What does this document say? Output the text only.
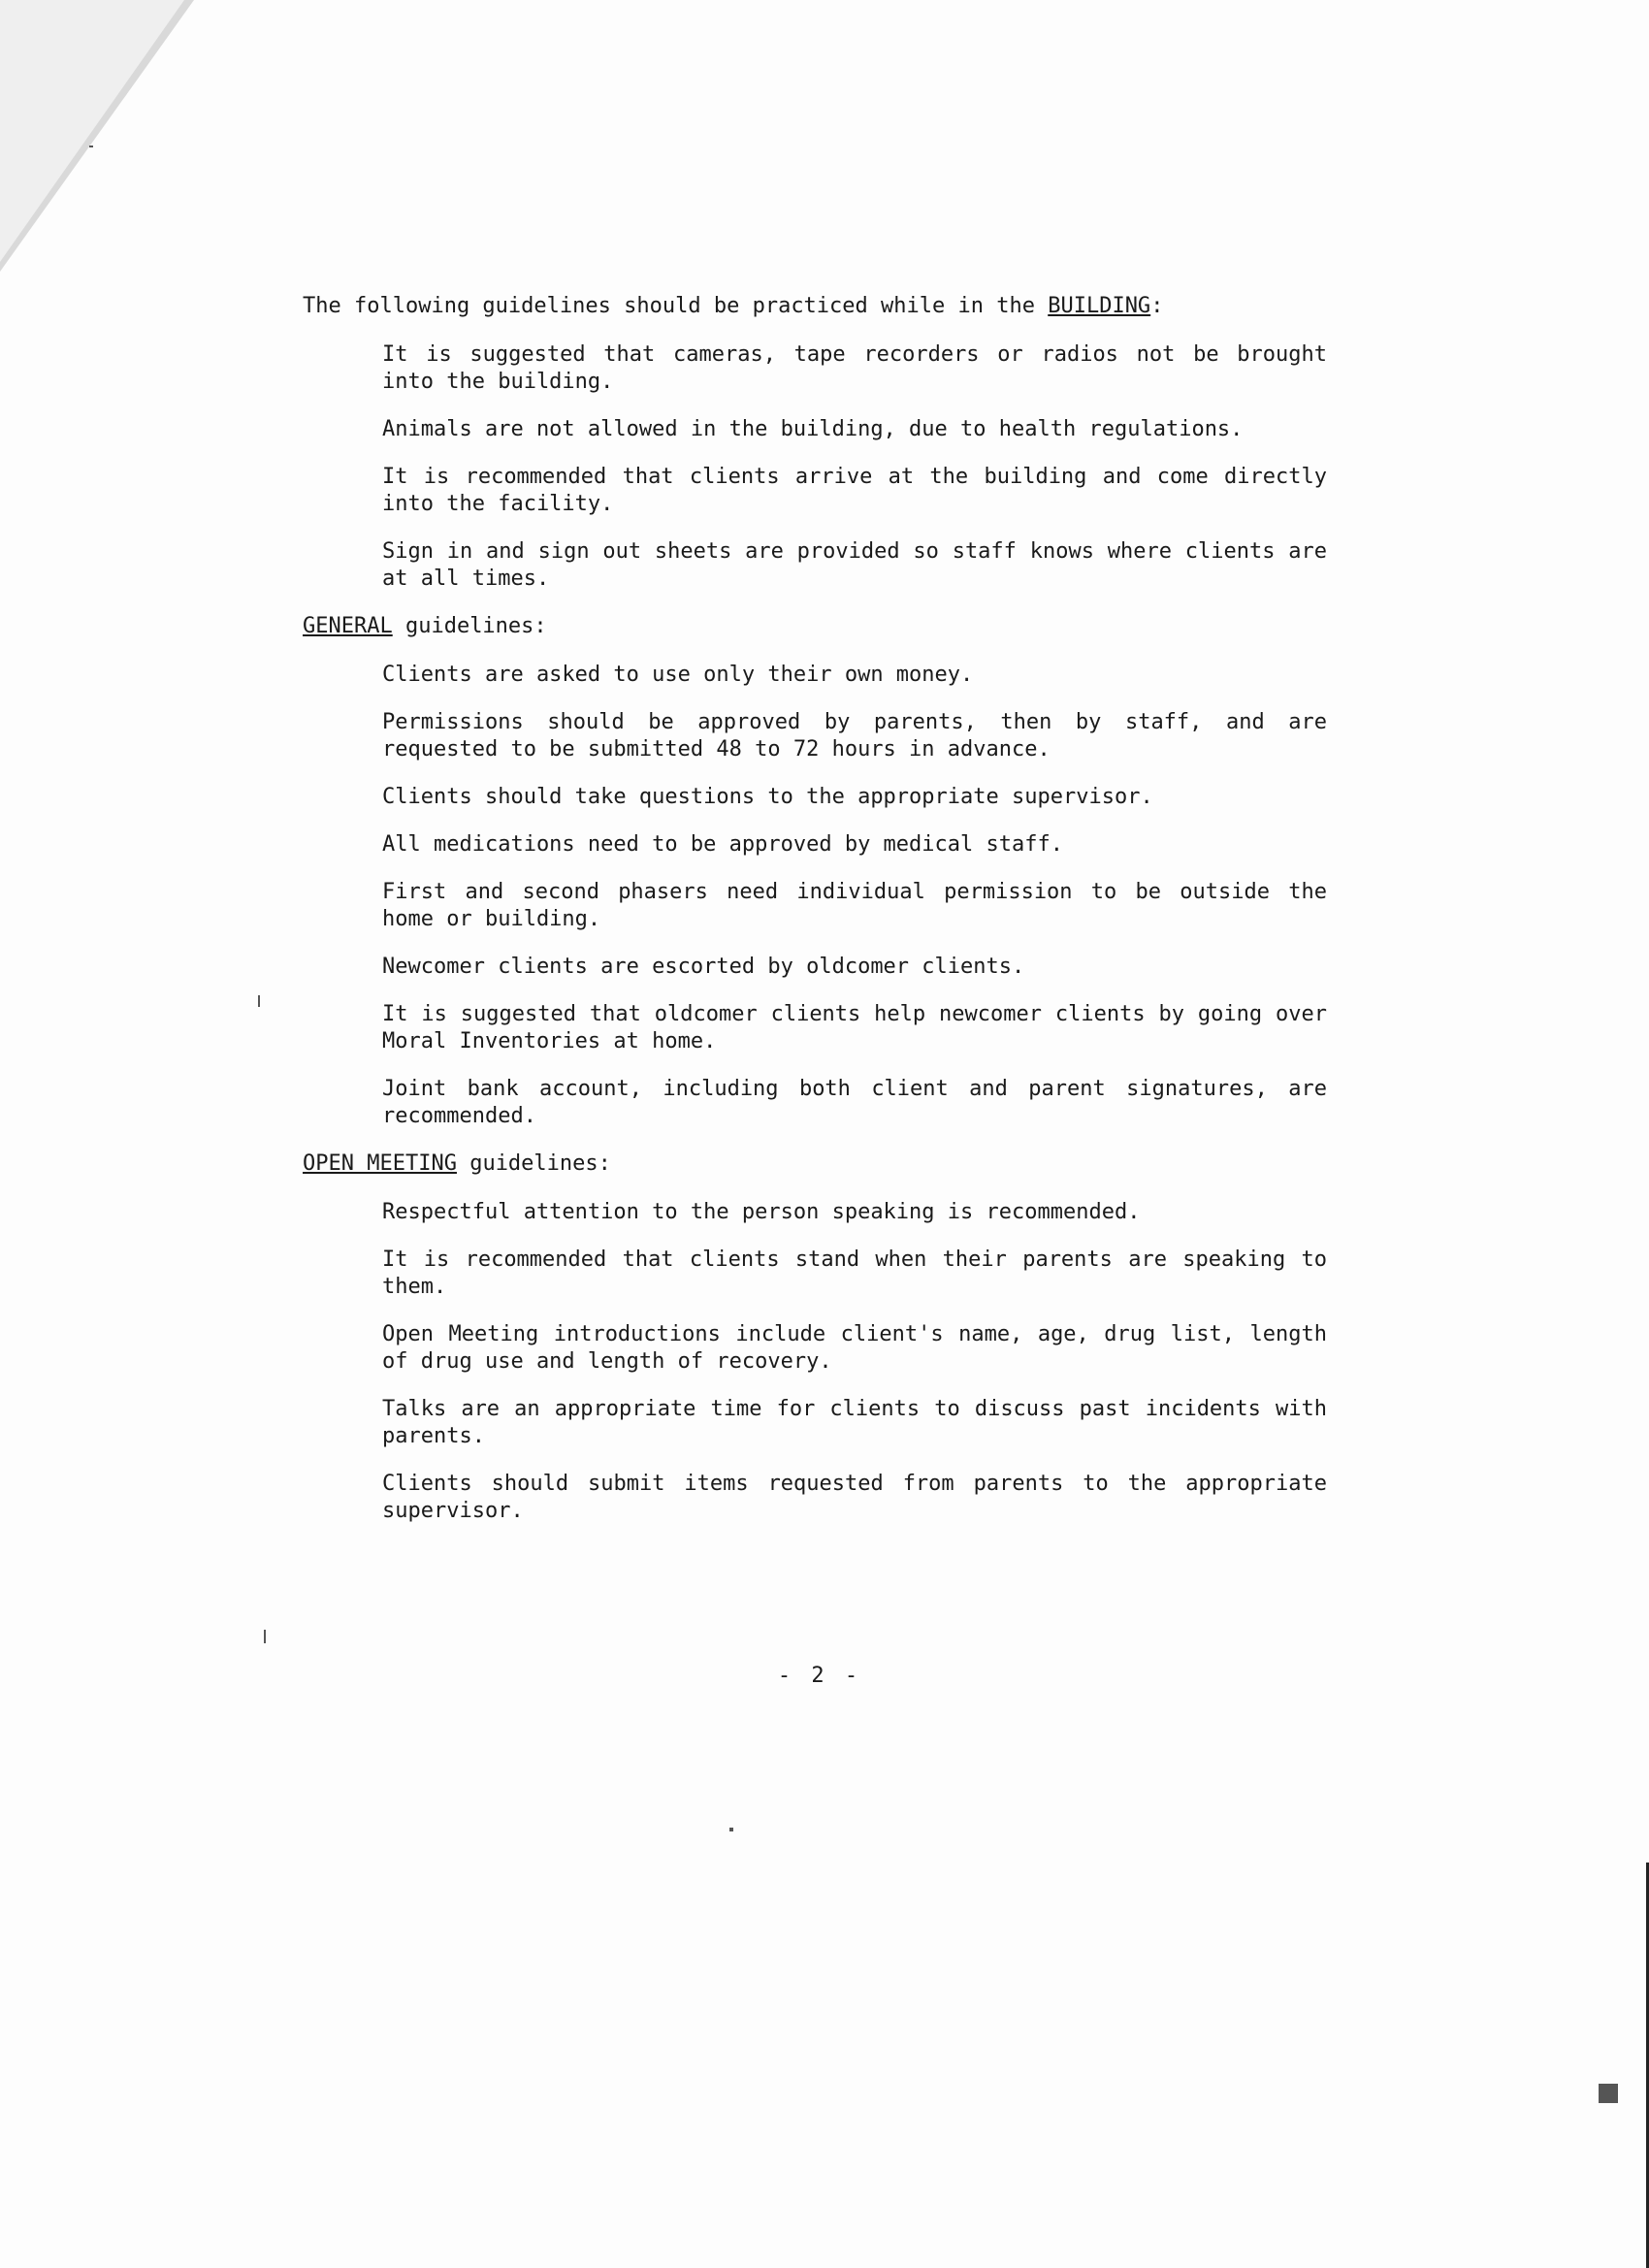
The following guidelines should be practiced while in the BUILDING:

It is suggested that cameras, tape recorders or radios not be brought into the building.

Animals are not allowed in the building, due to health regulations.

It is recommended that clients arrive at the building and come directly into the facility.

Sign in and sign out sheets are provided so staff knows where clients are at all times.

GENERAL guidelines:

Clients are asked to use only their own money.

Permissions should be approved by parents, then by staff, and are requested to be submitted 48 to 72 hours in advance.

Clients should take questions to the appropriate supervisor.

All medications need to be approved by medical staff.

First and second phasers need individual permission to be outside the home or building.

Newcomer clients are escorted by oldcomer clients.

It is suggested that oldcomer clients help newcomer clients by going over Moral Inventories at home.

Joint bank account, including both client and parent signatures, are recommended.

OPEN MEETING guidelines:

Respectful attention to the person speaking is recommended.

It is recommended that clients stand when their parents are speaking to them.

Open Meeting introductions include client's name, age, drug list, length of drug use and length of recovery.

Talks are an appropriate time for clients to discuss past incidents with parents.

Clients should submit items requested from parents to the appropriate supervisor.

- 2 -
